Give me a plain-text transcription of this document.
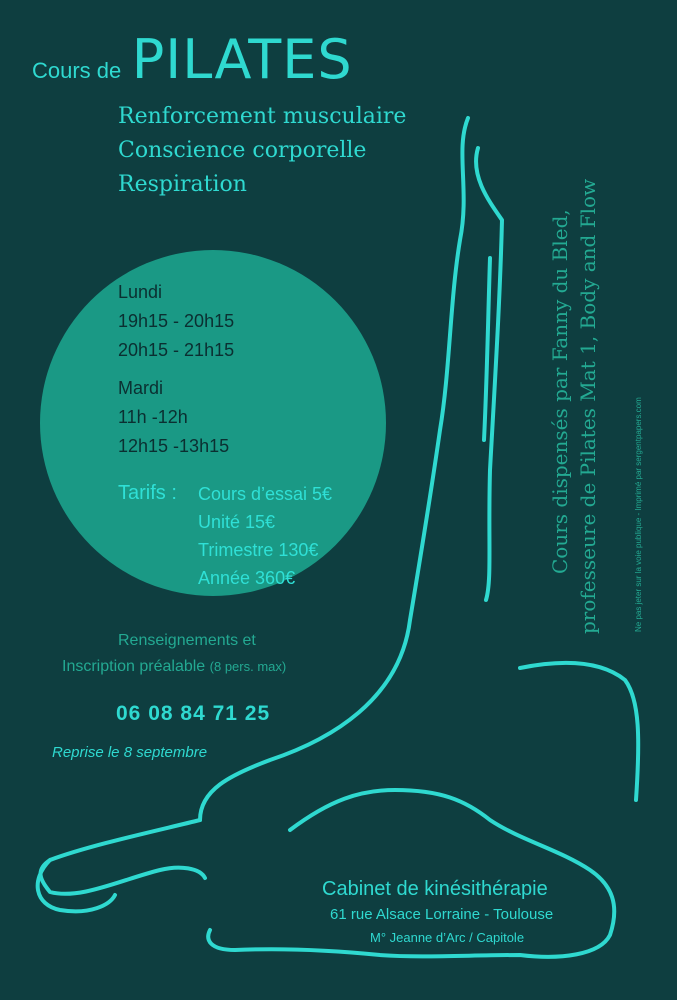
Cours de PILATES
Renforcement musculaire
Conscience corporelle
Respiration
Lundi
19h15 - 20h15
20h15 - 21h15
Mardi
11h -12h
12h15 -13h15
Tarifs : Cours d’essai 5€
Unité 15€
Trimestre 130€
Année 360€
Renseignements et
Inscription préalable (8 pers. max)
06 08 84 71 25
Reprise le 8 septembre
Cours dispensés par Fanny du Bled, professeure de Pilates Mat 1, Body and Flow	Ne pas jeter sur la voie publique - Imprimé par sergentpapers.com
Cabinet de kinésithérapie
61 rue Alsace Lorraine - Toulouse
M° Jeanne d’Arc / Capitole
